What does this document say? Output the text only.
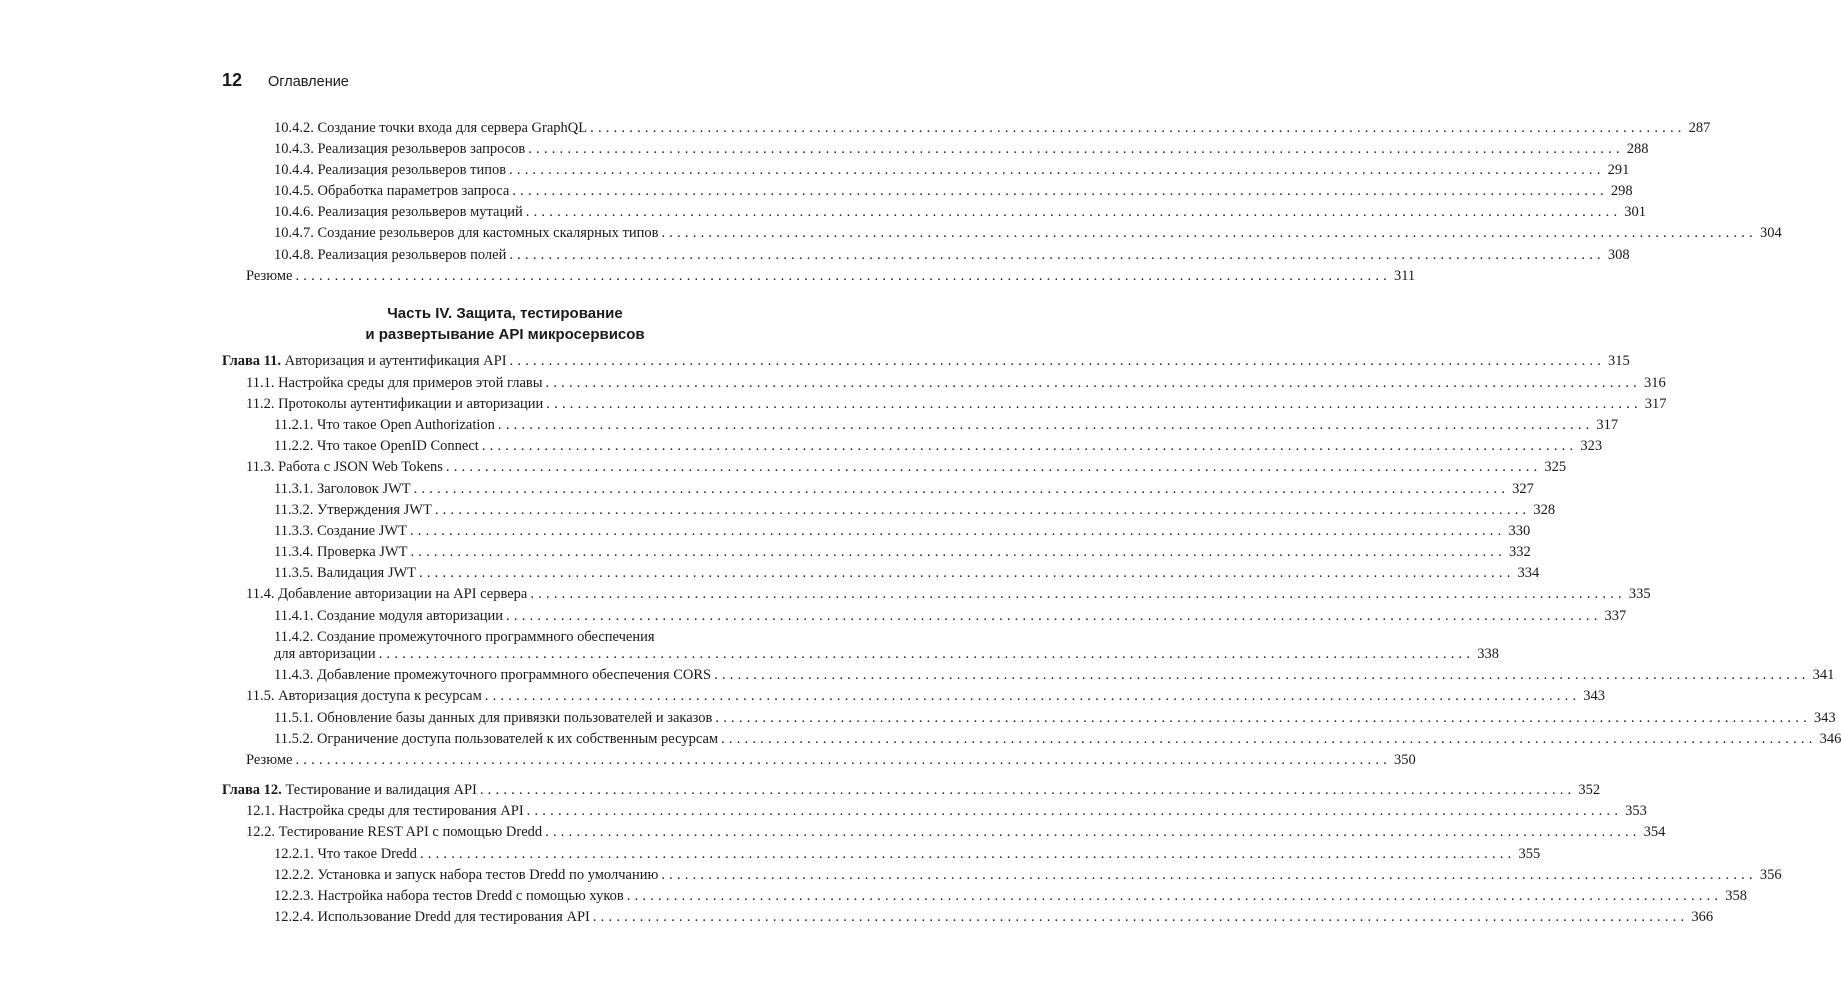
12 Оглавление
10.4.2. Создание точки входа для сервера GraphQL ............................................................................................................................................ 287
10.4.3. Реализация резольверов запросов ............................................................................................................................................ 288
10.4.4. Реализация резольверов типов ............................................................................................................................................ 291
10.4.5. Обработка параметров запроса ............................................................................................................................................ 298
10.4.6. Реализация резольверов мутаций ............................................................................................................................................ 301
10.4.7. Создание резольверов для кастомных скалярных типов ............................................................................................................................................ 304
10.4.8. Реализация резольверов полей ............................................................................................................................................ 308
Резюме ............................................................................................................................................ 311
Часть IV. Защита, тестирование
и развертывание API микросервисов
Глава 11. Авторизация и аутентификация API ............................................................................................................................................ 315
11.1. Настройка среды для примеров этой главы ............................................................................................................................................ 316
11.2. Протоколы аутентификации и авторизации ............................................................................................................................................ 317
11.2.1. Что такое Open Authorization ............................................................................................................................................ 317
11.2.2. Что такое OpenID Connect ............................................................................................................................................ 323
11.3. Работа с JSON Web Tokens ............................................................................................................................................ 325
11.3.1. Заголовок JWT ............................................................................................................................................ 327
11.3.2. Утверждения JWT ............................................................................................................................................ 328
11.3.3. Создание JWT ............................................................................................................................................ 330
11.3.4. Проверка JWT ............................................................................................................................................ 332
11.3.5. Валидация JWT ............................................................................................................................................ 334
11.4. Добавление авторизации на API сервера ............................................................................................................................................ 335
11.4.1. Создание модуля авторизации ............................................................................................................................................ 337
11.4.2. Создание промежуточного программного обеспечения
для авторизации ............................................................................................................................................ 338
11.4.3. Добавление промежуточного программного обеспечения CORS ............................................................................................................................................ 341
11.5. Авторизация доступа к ресурсам ............................................................................................................................................ 343
11.5.1. Обновление базы данных для привязки пользователей и заказов ............................................................................................................................................ 343
11.5.2. Ограничение доступа пользователей к их собственным ресурсам ............................................................................................................................................ 346
Резюме ............................................................................................................................................ 350
Глава 12. Тестирование и валидация API ............................................................................................................................................ 352
12.1. Настройка среды для тестирования API ............................................................................................................................................ 353
12.2. Тестирование REST API с помощью Dredd ............................................................................................................................................ 354
12.2.1. Что такое Dredd ............................................................................................................................................ 355
12.2.2. Установка и запуск набора тестов Dredd по умолчанию ............................................................................................................................................ 356
12.2.3. Настройка набора тестов Dredd с помощью хуков ............................................................................................................................................ 358
12.2.4. Использование Dredd для тестирования API ............................................................................................................................................ 366
